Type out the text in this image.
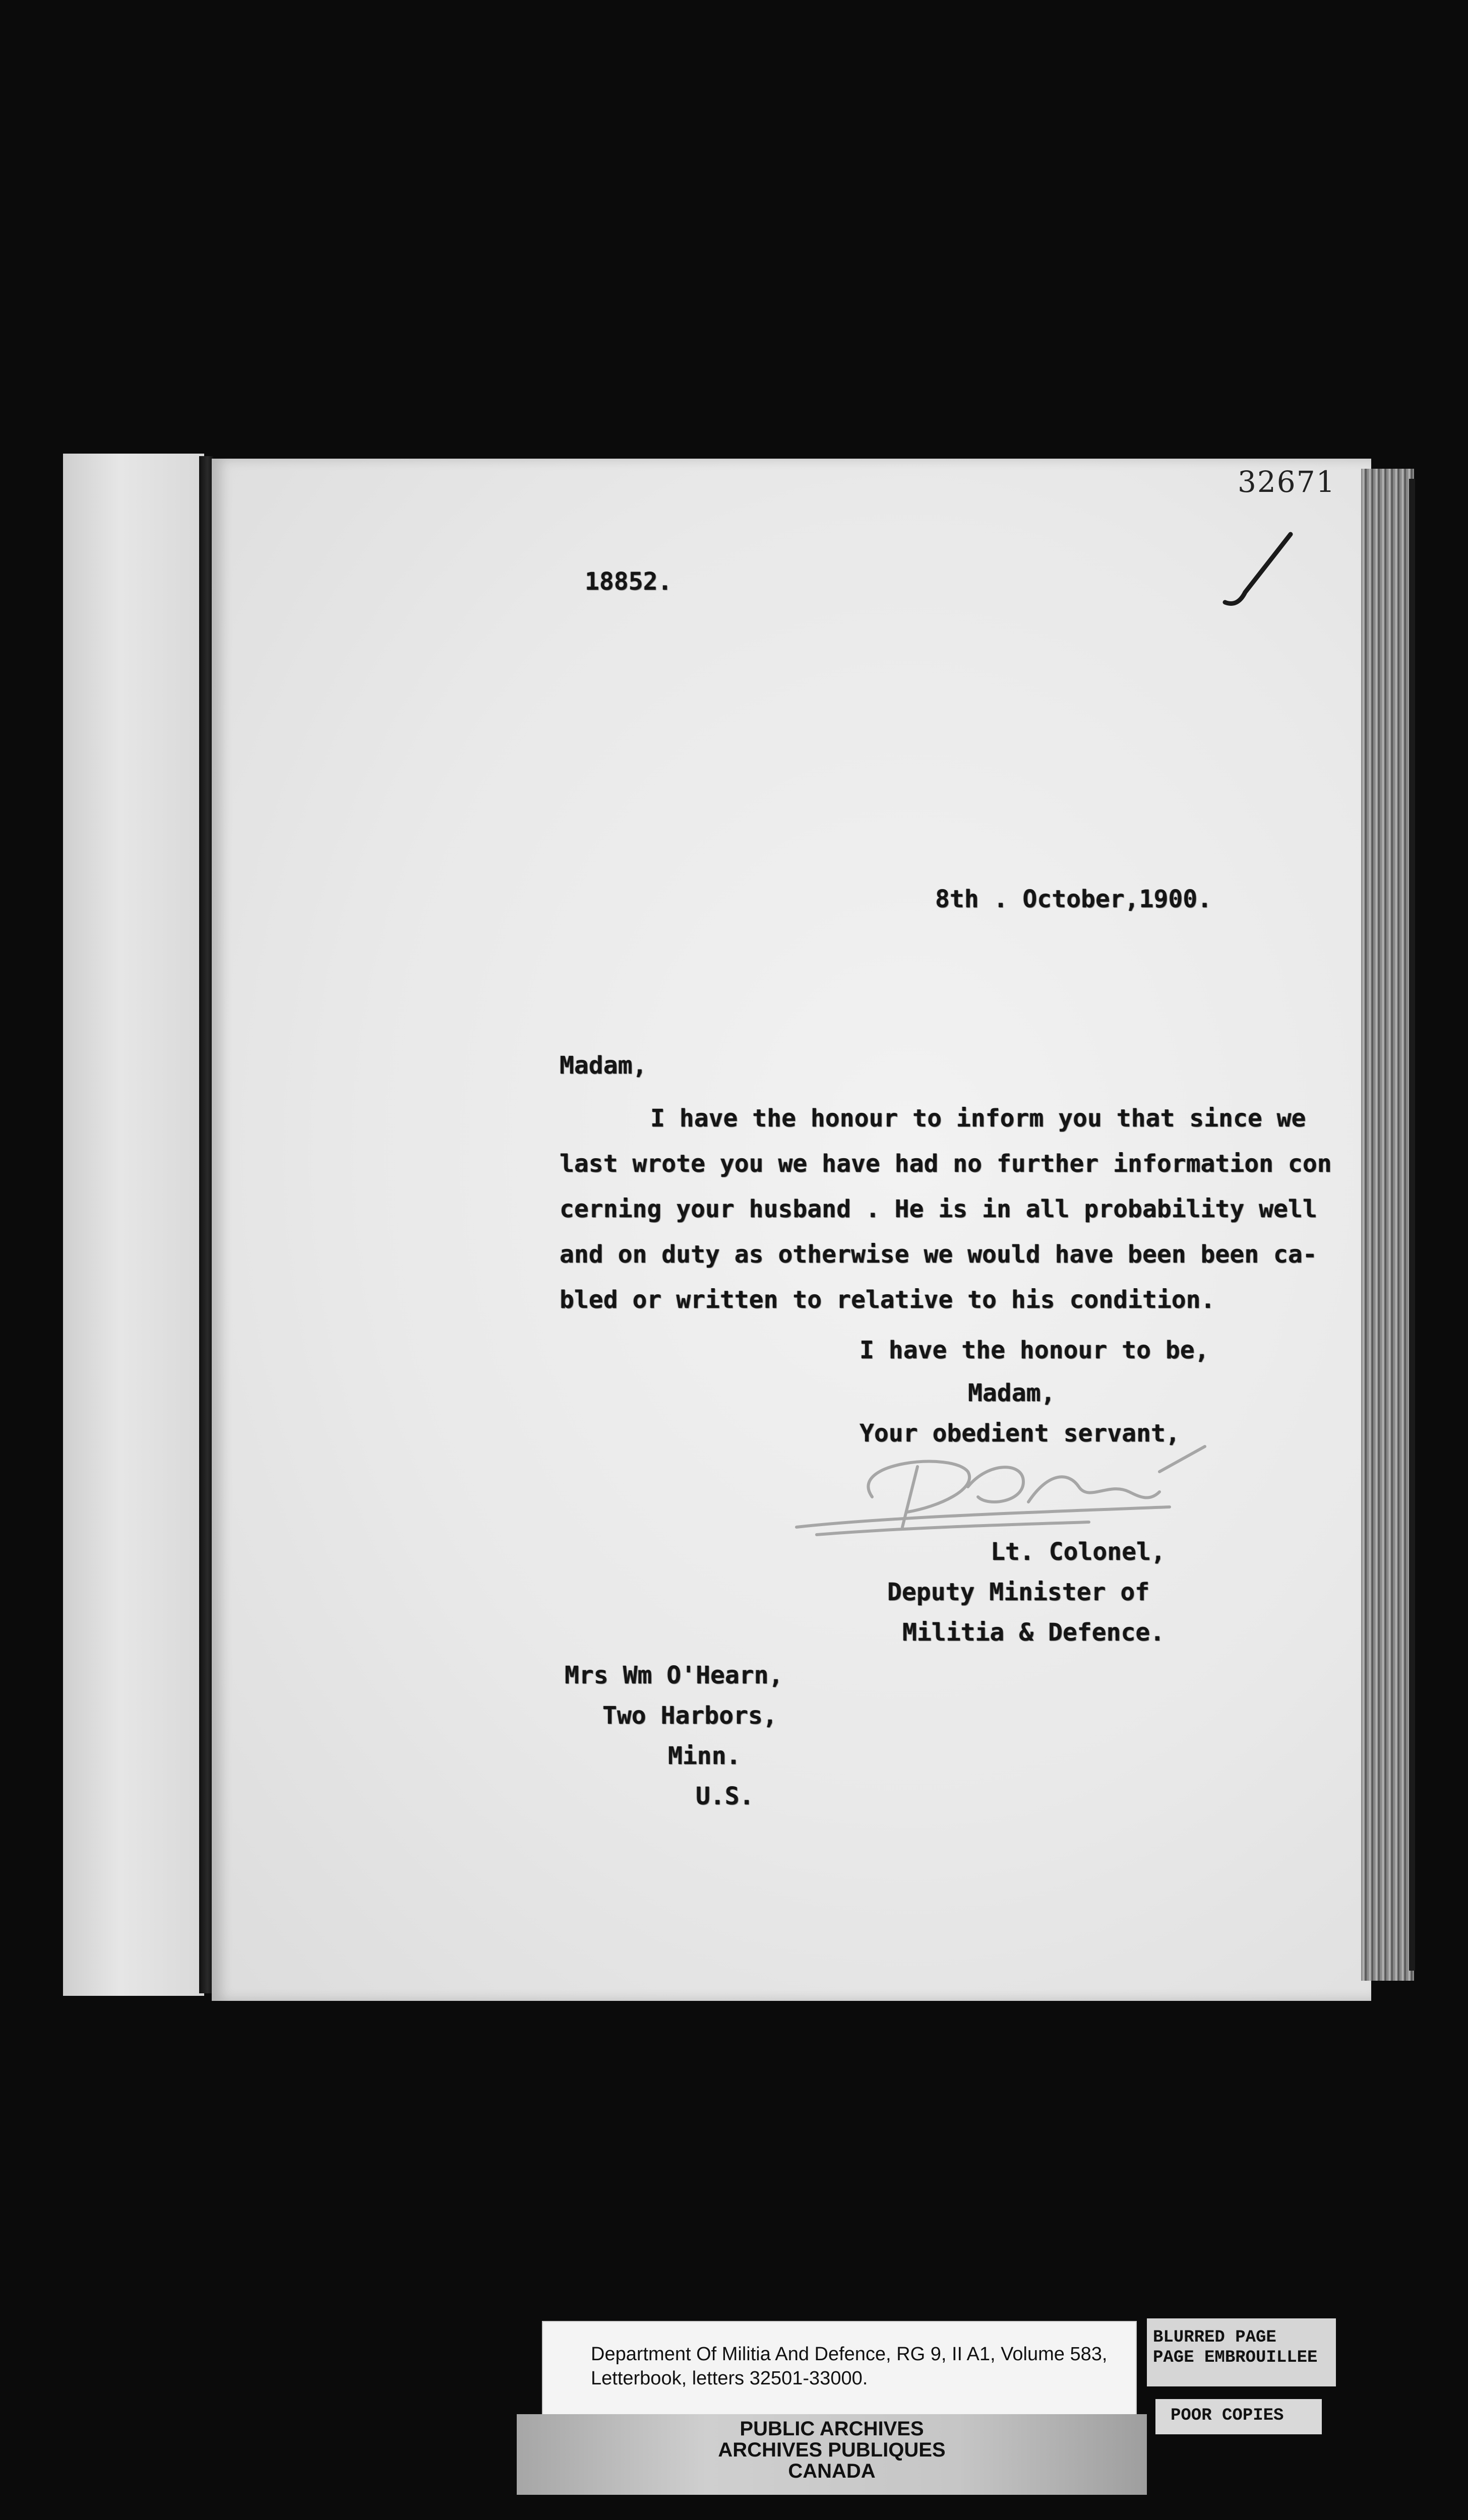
32671
18852.
8th . October,1900.
Madam,
I have the honour to inform you that since we
last wrote you we have had no further information con
cerning your husband . He is in all probability well
and on duty as otherwise we would have been been ca-
bled or written to relative to his condition.
I have the honour to be,
Madam,
Your obedient servant,
Lt. Colonel,
Deputy Minister of
Militia & Defence.
Mrs Wm O'Hearn,
Two Harbors,
Minn.
U.S.
Department Of Militia And Defence, RG 9, II A1, Volume 583,
Letterbook, letters 32501-33000.
PUBLIC ARCHIVES
ARCHIVES PUBLIQUES
CANADA
BLURRED PAGE
PAGE EMBROUILLEE
POOR COPIES
